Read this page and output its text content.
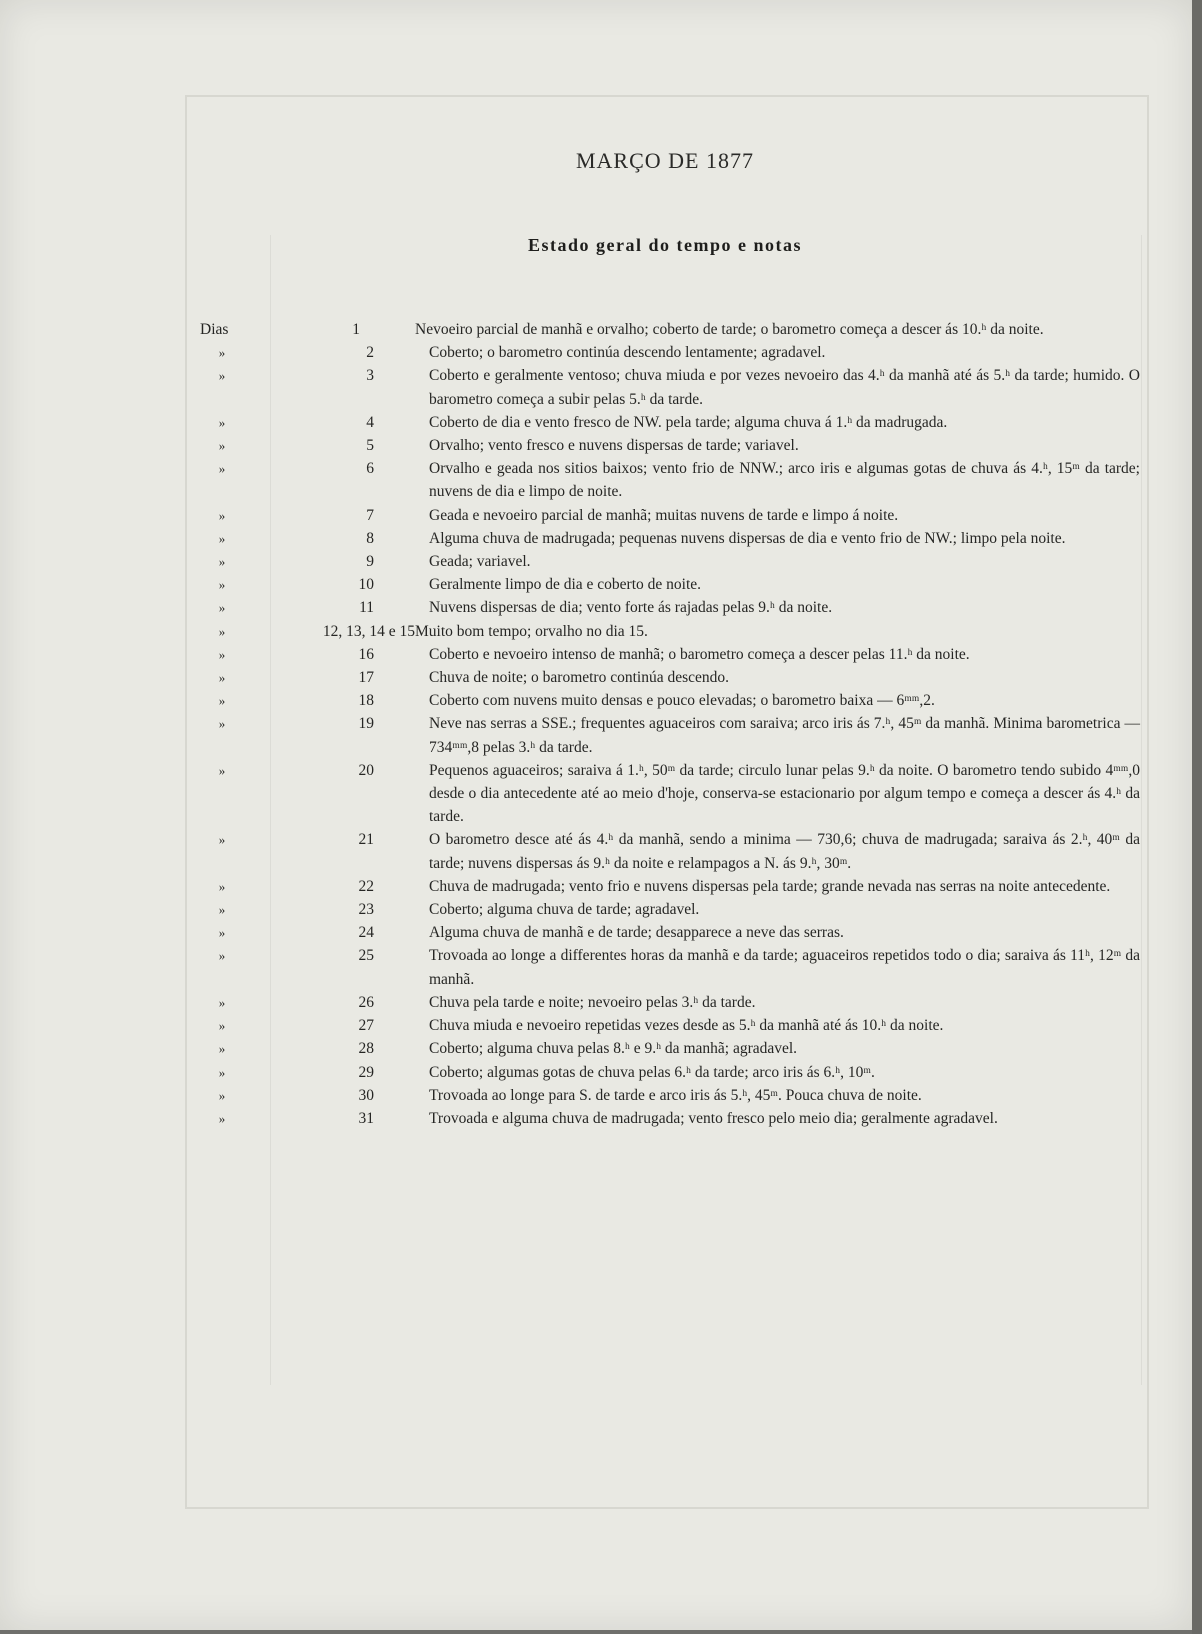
MARÇO DE 1877
Estado geral do tempo e notas
Dias	1	Nevoeiro parcial de manhã e orvalho; coberto de tarde; o barometro começa a descer ás 10.ʰ da noite.
»	2	Coberto; o barometro continúa descendo lentamente; agradavel.
»	3	Coberto e geralmente ventoso; chuva miuda e por vezes nevoeiro das 4.ʰ da manhã até ás 5.ʰ da tarde; humido. O barometro começa a subir pelas 5.ʰ da tarde.
»	4	Coberto de dia e vento fresco de NW. pela tarde; alguma chuva á 1.ʰ da madrugada.
»	5	Orvalho; vento fresco e nuvens dispersas de tarde; variavel.
»	6	Orvalho e geada nos sitios baixos; vento frio de NNW.; arco iris e algumas gotas de chuva ás 4.ʰ, 15ᵐ da tarde; nuvens de dia e limpo de noite.
»	7	Geada e nevoeiro parcial de manhã; muitas nuvens de tarde e limpo á noite.
»	8	Alguma chuva de madrugada; pequenas nuvens dispersas de dia e vento frio de NW.; limpo pela noite.
»	9	Geada; variavel.
»	10	Geralmente limpo de dia e coberto de noite.
»	11	Nuvens dispersas de dia; vento forte ás rajadas pelas 9.ʰ da noite.
»	12, 13, 14 e 15 Muito bom tempo; orvalho no dia 15.
»	16	Coberto e nevoeiro intenso de manhã; o barometro começa a descer pelas 11.ʰ da noite.
»	17	Chuva de noite; o barometro continúa descendo.
»	18	Coberto com nuvens muito densas e pouco elevadas; o barometro baixa — 6ᵐᵐ,2.
»	19	Neve nas serras a SSE.; frequentes aguaceiros com saraiva; arco iris ás 7.ʰ, 45ᵐ da manhã. Minima barometrica — 734ᵐᵐ,8 pelas 3.ʰ da tarde.
»	20	Pequenos aguaceiros; saraiva á 1.ʰ, 50ᵐ da tarde; circulo lunar pelas 9.ʰ da noite. O barometro tendo subido 4ᵐᵐ,0 desde o dia antecedente até ao meio d'hoje, conserva-se estacionario por algum tempo e começa a descer ás 4.ʰ da tarde.
»	21	O barometro desce até ás 4.ʰ da manhã, sendo a minima — 730,6; chuva de madrugada; saraiva ás 2.ʰ, 40ᵐ da tarde; nuvens dispersas ás 9.ʰ da noite e relampagos a N. ás 9.ʰ, 30ᵐ.
»	22	Chuva de madrugada; vento frio e nuvens dispersas pela tarde; grande nevada nas serras na noite antecedente.
»	23	Coberto; alguma chuva de tarde; agradavel.
»	24	Alguma chuva de manhã e de tarde; desapparece a neve das serras.
»	25	Trovoada ao longe a differentes horas da manhã e da tarde; aguaceiros repetidos todo o dia; saraiva ás 11ʰ, 12ᵐ da manhã.
»	26	Chuva pela tarde e noite; nevoeiro pelas 3.ʰ da tarde.
»	27	Chuva miuda e nevoeiro repetidas vezes desde as 5.ʰ da manhã até ás 10.ʰ da noite.
»	28	Coberto; alguma chuva pelas 8.ʰ e 9.ʰ da manhã; agradavel.
»	29	Coberto; algumas gotas de chuva pelas 6.ʰ da tarde; arco iris ás 6.ʰ, 10ᵐ.
»	30	Trovoada ao longe para S. de tarde e arco iris ás 5.ʰ, 45ᵐ. Pouca chuva de noite.
»	31	Trovoada e alguma chuva de madrugada; vento fresco pelo meio dia; geralmente agradavel.
